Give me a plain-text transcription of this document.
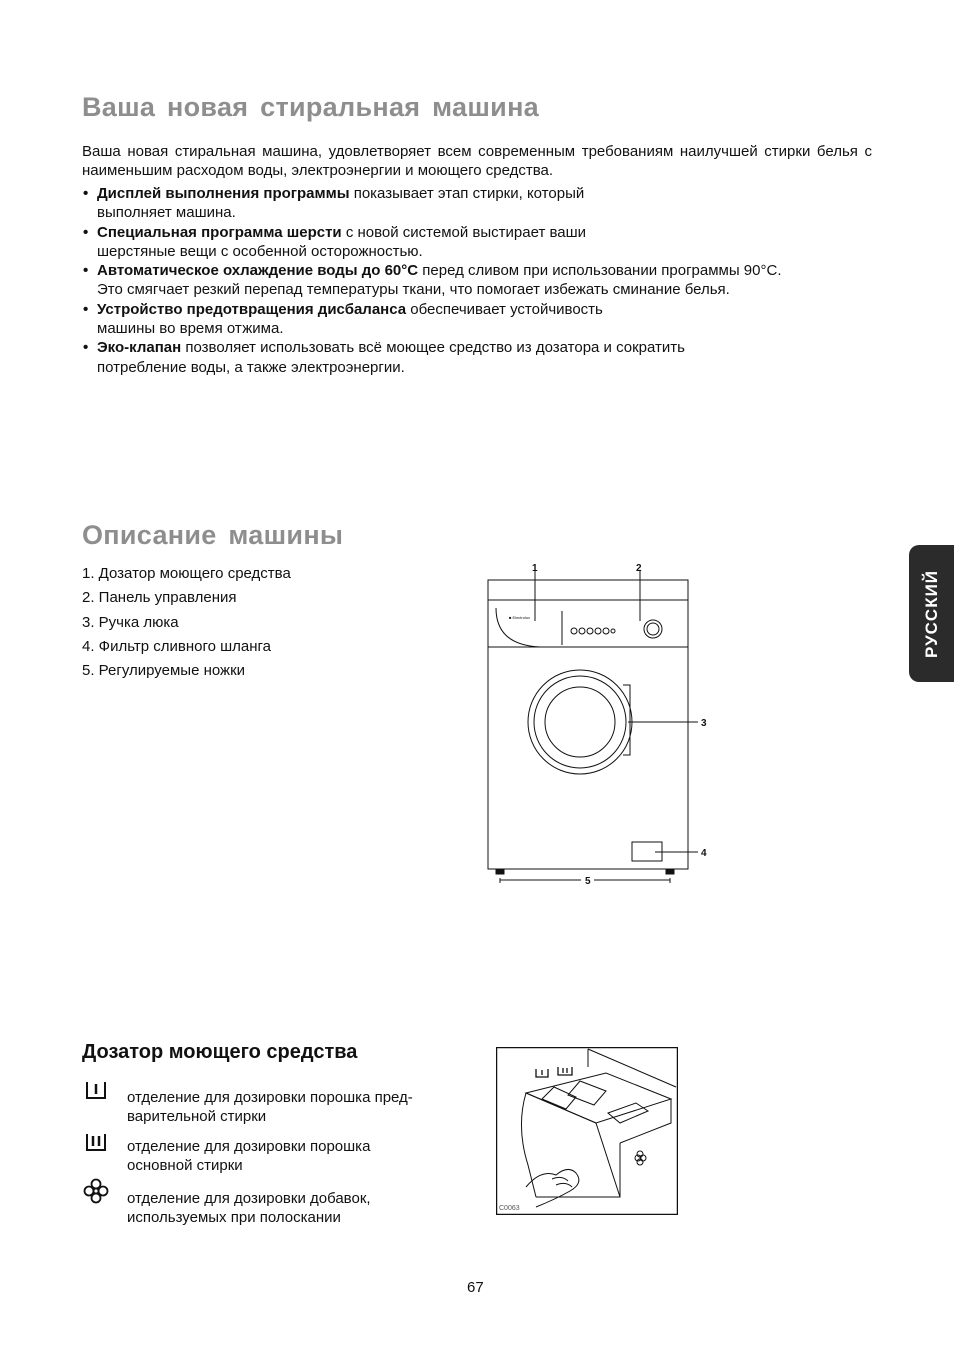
Ваша новая стиральная машина
Ваша новая стиральная машина, удовлетворяет всем современным требованиям наилучшей стирки белья с наименьшим расходом воды, электроэнергии и моющего средства.
• Дисплей выполнения программы показывает этап стирки, который
выполняет машина.
• Специальная программа шерсти с новой системой выстирает ваши
шерстяные вещи с особенной осторожностью.
• Автоматическое охлаждение воды до 60°C перед сливом при использовании программы 90°C.
Это смягчает резкий перепад температуры ткани, что помогает избежать сминание белья.
• Устройство предотвращения дисбаланса обеспечивает устойчивость
машины во время отжима.
• Эко-клапан позволяет использовать всё моющее средство из дозатора и сократить
потребление воды, а также электроэнергии.
Описание машины
1. Дозатор моющего средства
2. Панель управления
3. Ручка люка
4. Фильтр сливного шланга
5. Регулируемые ножки
■ Electrolux
1	2
3
4
5
РУССКИЙ
Дозатор моющего средства
отделение для дозировки порошка пред-
варительной стирки
отделение для дозировки порошка
основной стирки
отделение для дозировки добавок,
используемых при полоскании
C0063
67
